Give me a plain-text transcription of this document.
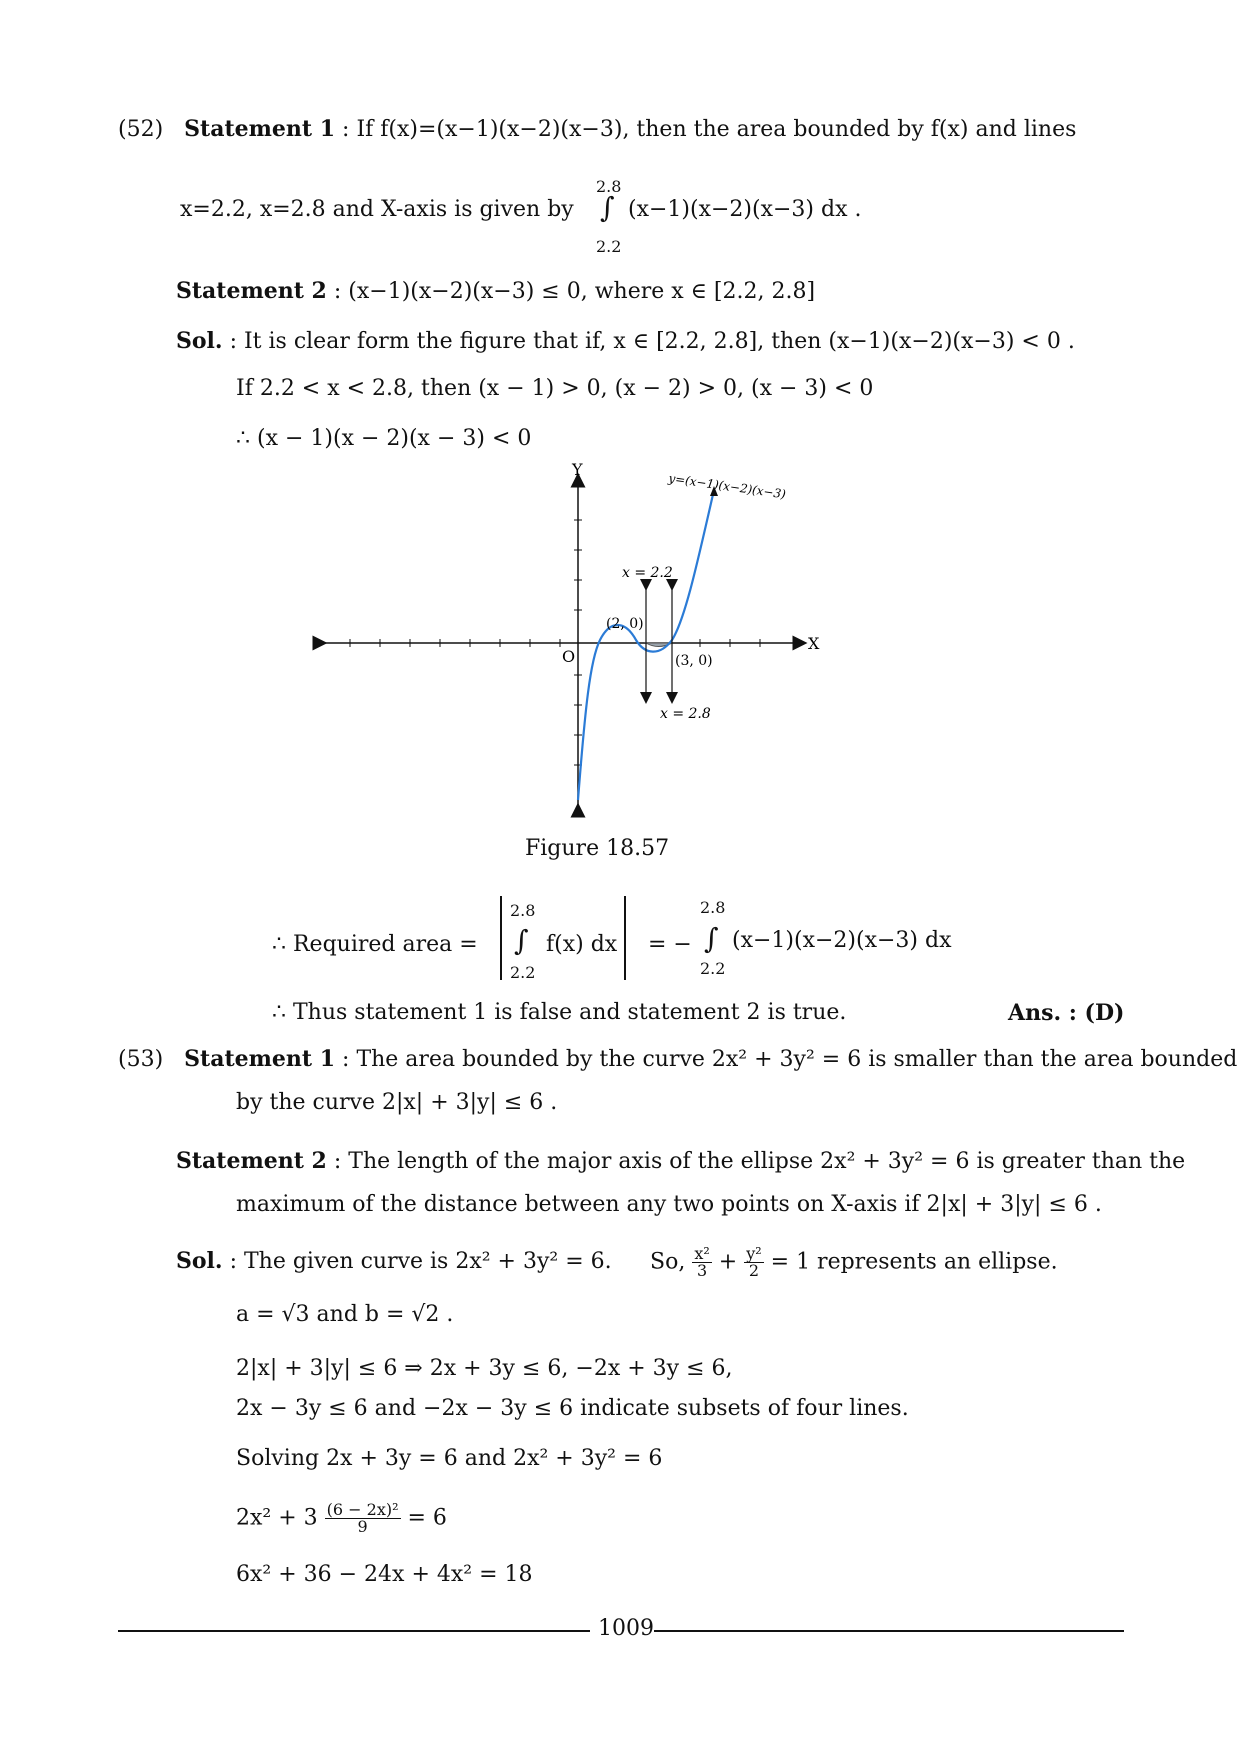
(52) Statement 1 : If f(x)=(x−1)(x−2)(x−3), then the area bounded by f(x) and lines
x=2.2, x=2.8 and X-axis is given by
2.8
∫
2.2
(x−1)(x−2)(x−3) dx .
Statement 2 : (x−1)(x−2)(x−3) ≤ 0, where x ∈ [2.2, 2.8]
Sol. : It is clear form the figure that if, x ∈ [2.2, 2.8], then (x−1)(x−2)(x−3) < 0 .
If 2.2 < x < 2.8, then (x − 1) > 0, (x − 2) > 0, (x − 3) < 0
∴ (x − 1)(x − 2)(x − 3) < 0
Y
X
O
y=(x−1)(x−2)(x−3)
x = 2.2
x = 2.8
(2, 0)
(3, 0)
Figure 18.57
∴ Required area =
2.8
∫
2.2
f(x) dx = −
2.8
∫
2.2
(x−1)(x−2)(x−3) dx
∴ Thus statement 1 is false and statement 2 is true.	Ans. : (D)
(53) Statement 1 : The area bounded by the curve 2x² + 3y² = 6 is smaller than the area bounded
by the curve 2|x| + 3|y| ≤ 6 .
Statement 2 : The length of the major axis of the ellipse 2x² + 3y² = 6 is greater than the
maximum of the distance between any two points on X-axis if 2|x| + 3|y| ≤ 6 .
Sol. : The given curve is 2x² + 3y² = 6. So, $\frac{\text{x²}}{3} + \frac{\text{y²}}{2} = 1$ represents an ellipse.
a = √3 and b = √2 .
2|x| + 3|y| ≤ 6 ⇒ 2x + 3y ≤ 6, −2x + 3y ≤ 6,
2x − 3y ≤ 6 and −2x − 3y ≤ 6 indicate subsets of four lines.
Solving 2x + 3y = 6 and 2x² + 3y² = 6
$2x^2 + 3 \frac{\text{(6 − 2x)²}}{9} = 6$
6x² + 36 − 24x + 4x² = 18
1009
